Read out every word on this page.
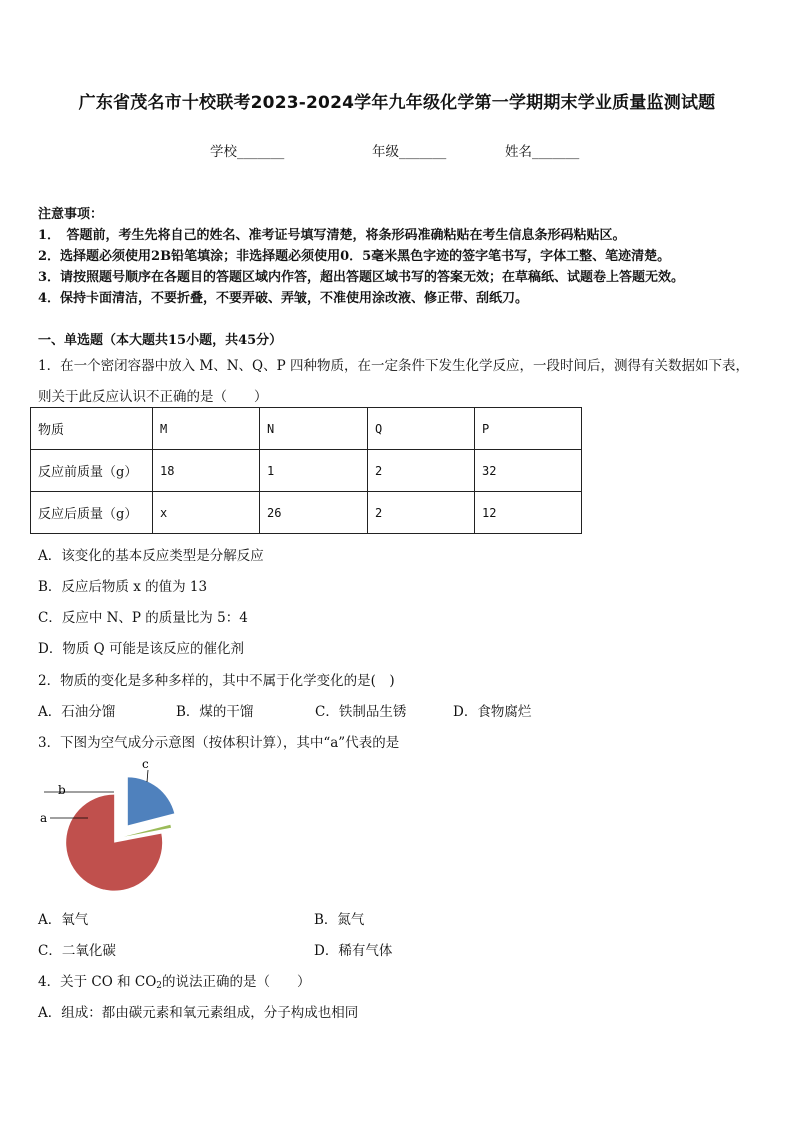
广东省茂名市十校联考2023-2024学年九年级化学第一学期期末学业质量监测试题
学校_______	年级_______	姓名_______
注意事项：
1．　答题前，考生先将自己的姓名、准考证号填写清楚，将条形码准确粘贴在考生信息条形码粘贴区。
2．选择题必须使用2B铅笔填涂；非选择题必须使用0．5毫米黑色字迹的签字笔书写，字体工整、笔迹清楚。
3．请按照题号顺序在各题目的答题区域内作答，超出答题区域书写的答案无效；在草稿纸、试题卷上答题无效。
4．保持卡面清洁，不要折叠，不要弄破、弄皱，不准使用涂改液、修正带、刮纸刀。
一、单选题（本大题共15小题，共45分）
1．在一个密闭容器中放入 M、N、Q、P 四种物质，在一定条件下发生化学反应，一段时间后，测得有关数据如下表，
则关于此反应认识不正确的是（　　）
物质	M	N	Q	P
反应前质量（g）	18	1	2	32
反应后质量（g）	x	26	2	12
A．该变化的基本反应类型是分解反应
B．反应后物质 x 的值为 13
C．反应中 N、P 的质量比为 5：4
D．物质 Q 可能是该反应的催化剂
2．物质的变化是多种多样的，其中不属于化学变化的是(　)
A．石油分馏	B．煤的干馏	C．铁制品生锈	D．食物腐烂
3．下图为空气成分示意图（按体积计算），其中“a”代表的是
a
b
c
A．氧气	B．氮气
C．二氧化碳	D．稀有气体
4．关于 CO 和 $CO_2$的说法正确的是（　　）
A．组成：都由碳元素和氧元素组成，分子构成也相同
